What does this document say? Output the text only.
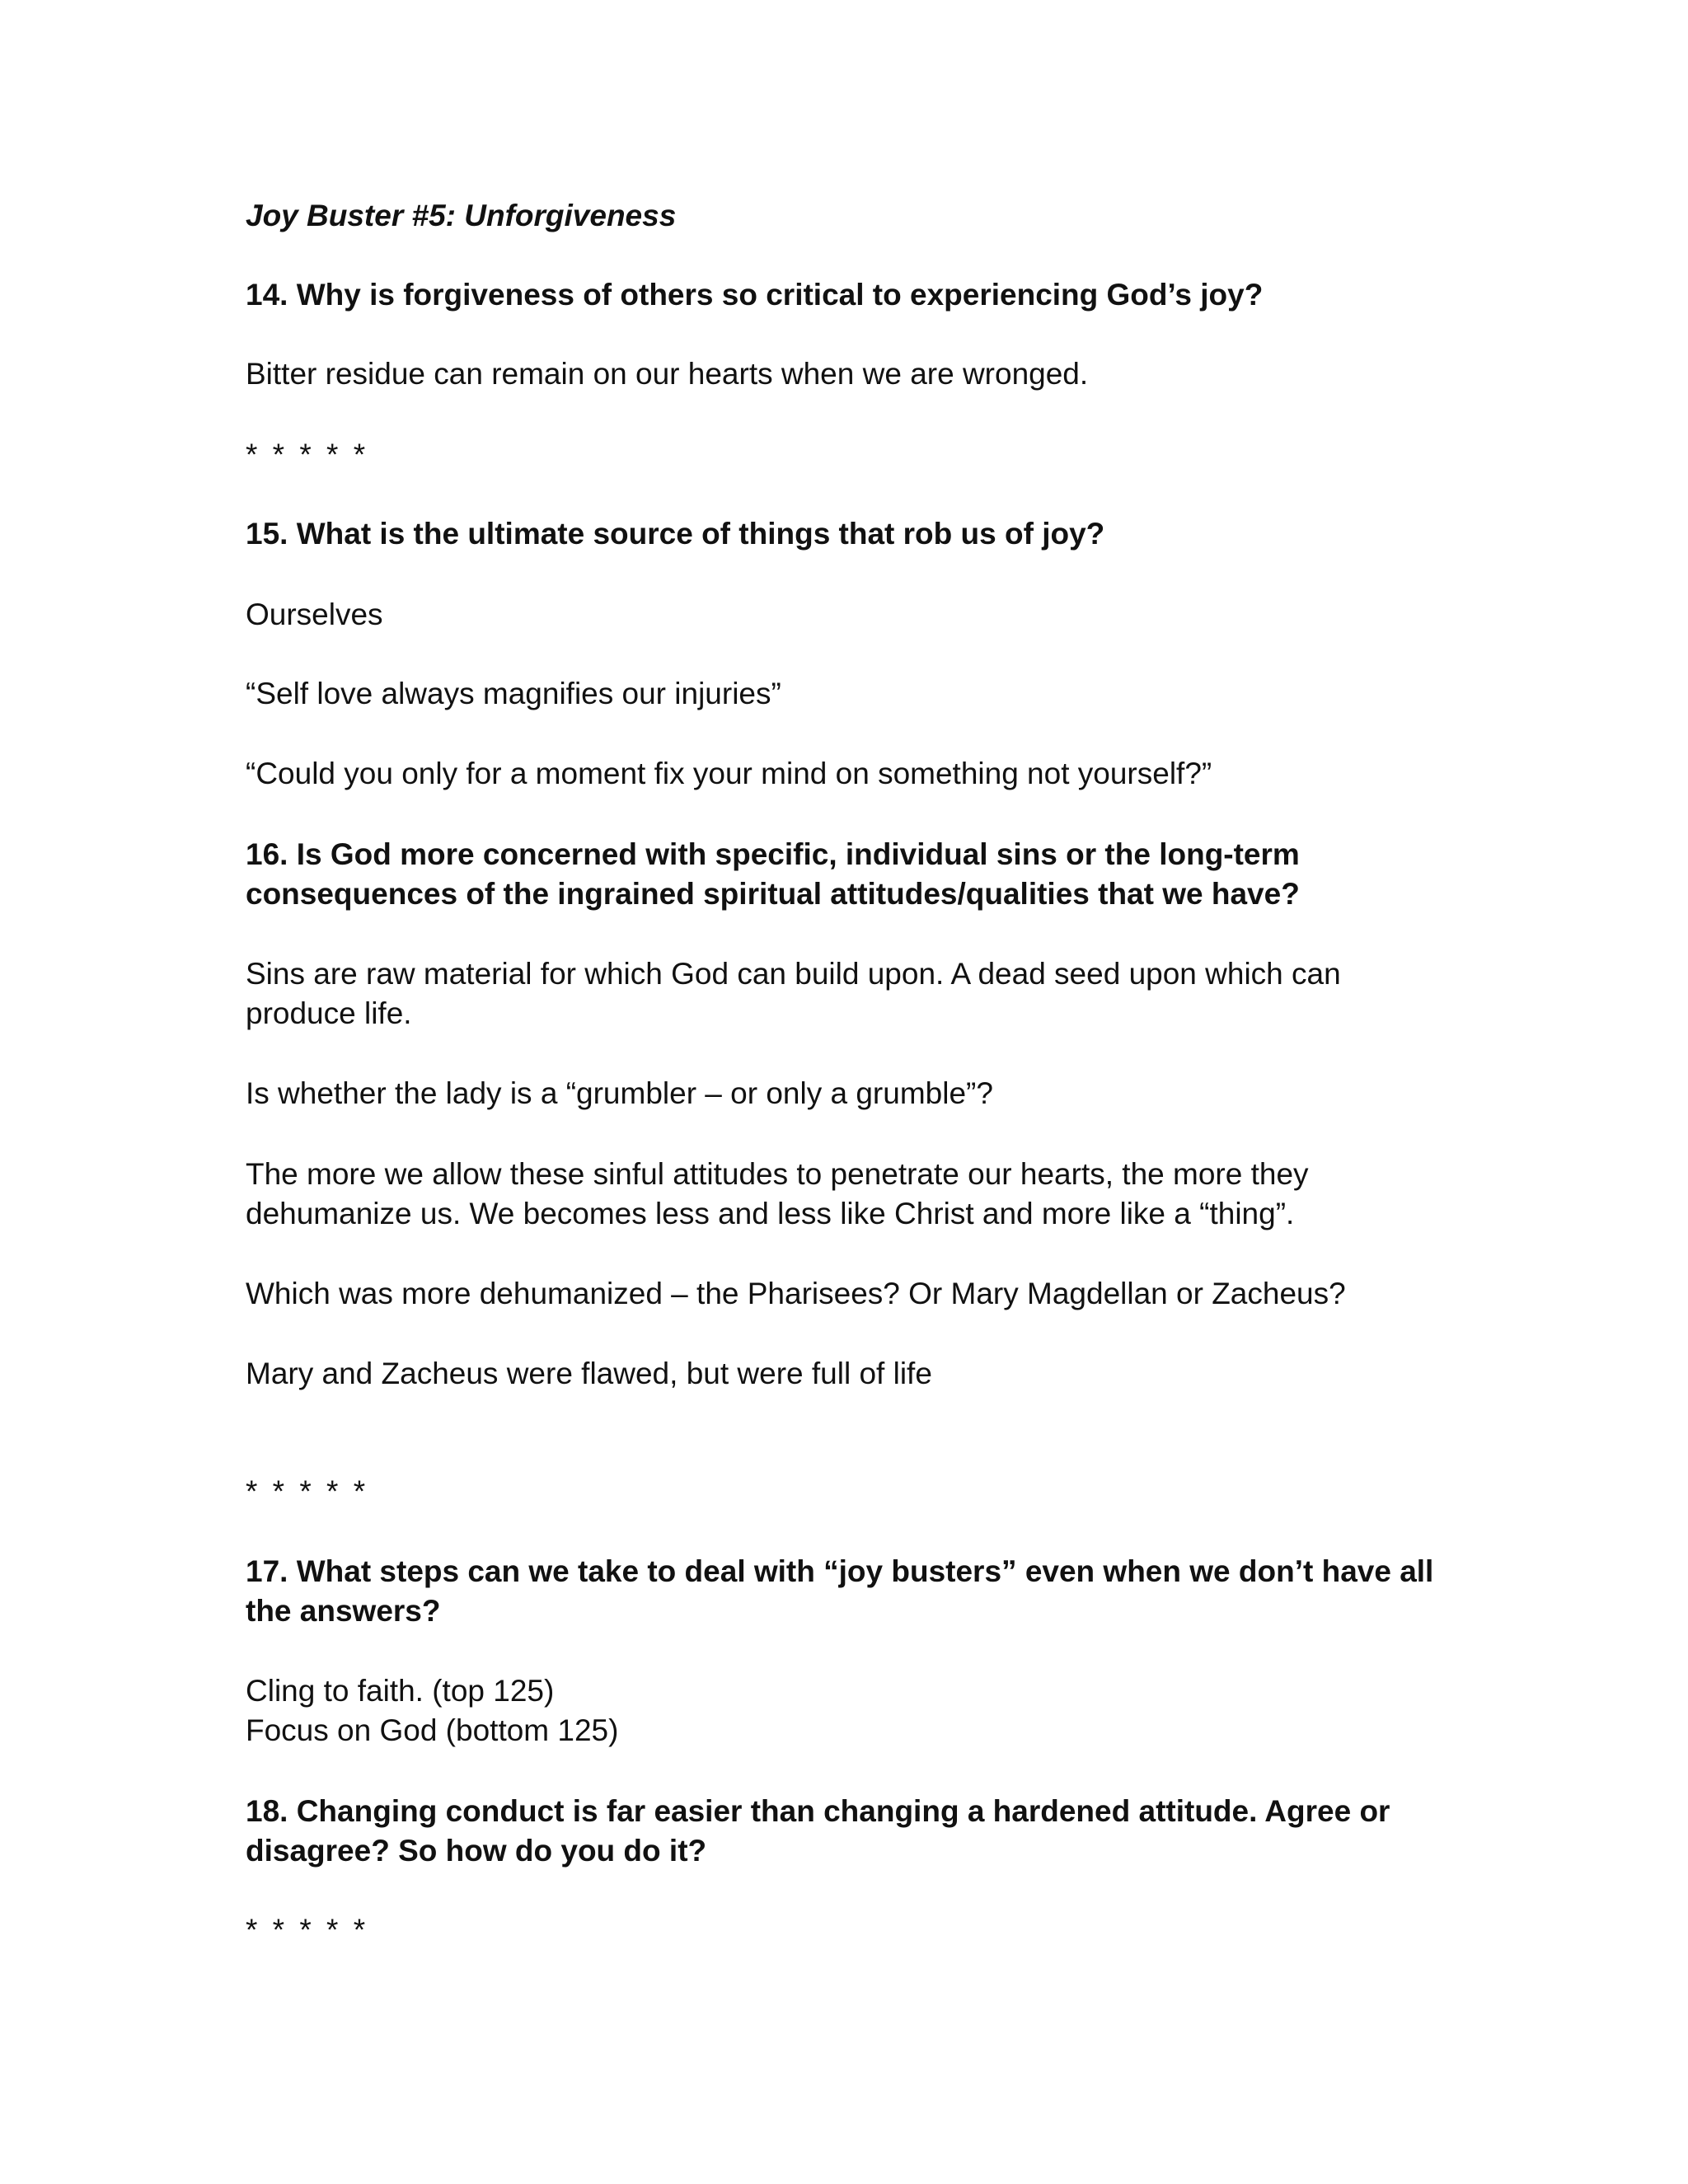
Joy Buster #5: Unforgiveness

14. Why is forgiveness of others so critical to experiencing God’s joy?

Bitter residue can remain on our hearts when we are wronged.

* * * * *

15. What is the ultimate source of things that rob us of joy?

Ourselves

“Self love always magnifies our injuries”

“Could you only for a moment fix your mind on something not yourself?”

16. Is God more concerned with specific, individual sins or the long-term

consequences of the ingrained spiritual attitudes/qualities that we have?

Sins are raw material for which God can build upon. A dead seed upon which can

produce life.

Is whether the lady is a “grumbler – or only a grumble”?

The more we allow these sinful attitudes to penetrate our hearts, the more they

dehumanize us. We becomes less and less like Christ and more like a “thing”.

Which was more dehumanized – the Pharisees? Or Mary Magdellan or Zacheus?

Mary and Zacheus were flawed, but were full of life

* * * * *

17. What steps can we take to deal with “joy busters” even when we don’t have all

the answers?

Cling to faith. (top 125)

Focus on God (bottom 125)

18. Changing conduct is far easier than changing a hardened attitude. Agree or

disagree? So how do you do it?

* * * * *
